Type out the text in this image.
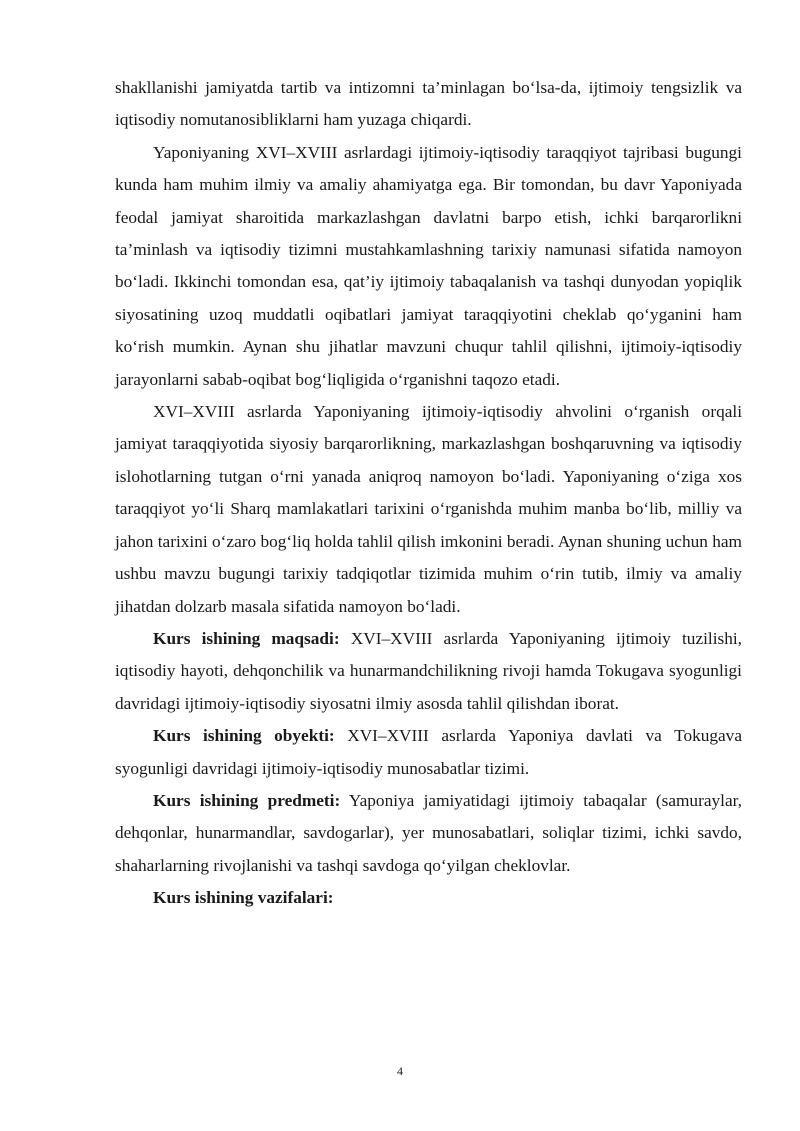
shakllanishi jamiyatda tartib va intizomni ta’minlagan bo‘lsa-da, ijtimoiy tengsizlik va iqtisodiy nomutanosibliklarni ham yuzaga chiqardi.

Yaponiyaning XVI–XVIII asrlardagi ijtimoiy-iqtisodiy taraqqiyot tajribasi bugungi kunda ham muhim ilmiy va amaliy ahamiyatga ega. Bir tomondan, bu davr Yaponiyada feodal jamiyat sharoitida markazlashgan davlatni barpo etish, ichki barqarorlikni ta’minlash va iqtisodiy tizimni mustahkamlashning tarixiy namunasi sifatida namoyon bo‘ladi. Ikkinchi tomondan esa, qat’iy ijtimoiy tabaqalanish va tashqi dunyodan yopiqlik siyosatining uzoq muddatli oqibatlari jamiyat taraqqiyotini cheklab qo‘yganini ham ko‘rish mumkin. Aynan shu jihatlar mavzuni chuqur tahlil qilishni, ijtimoiy-iqtisodiy jarayonlarni sabab-oqibat bog‘liqligida o‘rganishni taqozo etadi.

XVI–XVIII asrlarda Yaponiyaning ijtimoiy-iqtisodiy ahvolini o‘rganish orqali jamiyat taraqqiyotida siyosiy barqarorlikning, markazlashgan boshqaruvning va iqtisodiy islohotlarning tutgan o‘rni yanada aniqroq namoyon bo‘ladi. Yaponiyaning o‘ziga xos taraqqiyot yo‘li Sharq mamlakatlari tarixini o‘rganishda muhim manba bo‘lib, milliy va jahon tarixini o‘zaro bog‘liq holda tahlil qilish imkonini beradi. Aynan shuning uchun ham ushbu mavzu bugungi tarixiy tadqiqotlar tizimida muhim o‘rin tutib, ilmiy va amaliy jihatdan dolzarb masala sifatida namoyon bo‘ladi.

Kurs ishining maqsadi: XVI–XVIII asrlarda Yaponiyaning ijtimoiy tuzilishi, iqtisodiy hayoti, dehqonchilik va hunarmandchilikning rivoji hamda Tokugava syogunligi davridagi ijtimoiy-iqtisodiy siyosatni ilmiy asosda tahlil qilishdan iborat.

Kurs ishining obyekti: XVI–XVIII asrlarda Yaponiya davlati va Tokugava syogunligi davridagi ijtimoiy-iqtisodiy munosabatlar tizimi.

Kurs ishining predmeti: Yaponiya jamiyatidagi ijtimoiy tabaqalar (samuraylar, dehqonlar, hunarmandlar, savdogarlar), yer munosabatlari, soliqlar tizimi, ichki savdo, shaharlarning rivojlanishi va tashqi savdoga qo‘yilgan cheklovlar.

Kurs ishining vazifalari:

4
